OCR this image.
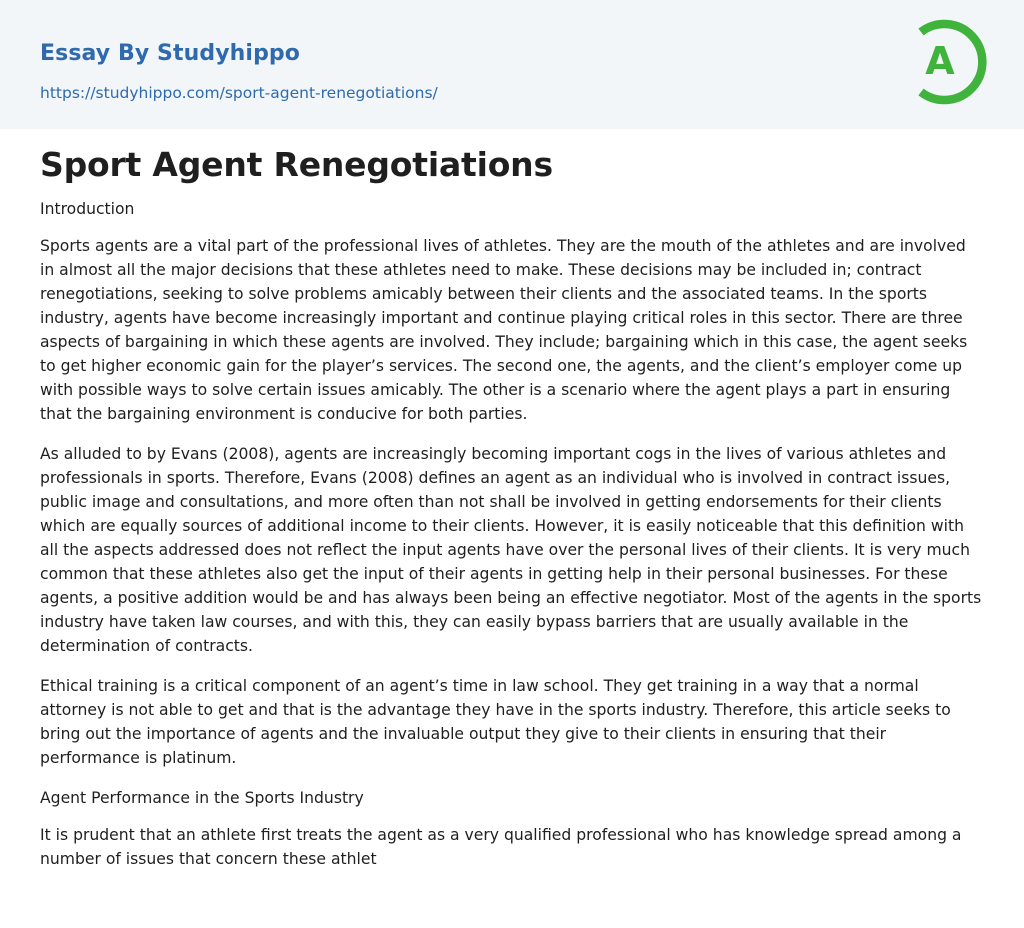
Essay By Studyhippo
https://studyhippo.com/sport-agent-renegotiations/
A
Sport Agent Renegotiations

Introduction

Sports agents are a vital part of the professional lives of athletes. They are the mouth of the athletes and are involved in almost all the major decisions that these athletes need to make. These decisions may be included in; contract renegotiations, seeking to solve problems amicably between their clients and the associated teams. In the sports industry, agents have become increasingly important and continue playing critical roles in this sector. There are three aspects of bargaining in which these agents are involved. They include; bargaining which in this case, the agent seeks to get higher economic gain for the player’s services. The second one, the agents, and the client’s employer come up with possible ways to solve certain issues amicably. The other is a scenario where the agent plays a part in ensuring that the bargaining environment is conducive for both parties.

As alluded to by Evans (2008), agents are increasingly becoming important cogs in the lives of various athletes and professionals in sports. Therefore, Evans (2008) defines an agent as an individual who is involved in contract issues, public image and consultations, and more often than not shall be involved in getting endorsements for their clients which are equally sources of additional income to their clients. However, it is easily noticeable that this definition with all the aspects addressed does not reflect the input agents have over the personal lives of their clients. It is very much common that these athletes also get the input of their agents in getting help in their personal businesses. For these agents, a positive addition would be and has always been being an effective negotiator. Most of the agents in the sports industry have taken law courses, and with this, they can easily bypass barriers that are usually available in the determination of contracts.

Ethical training is a critical component of an agent’s time in law school. They get training in a way that a normal attorney is not able to get and that is the advantage they have in the sports industry. Therefore, this article seeks to bring out the importance of agents and the invaluable output they give to their clients in ensuring that their performance is platinum.

Agent Performance in the Sports Industry

It is prudent that an athlete first treats the agent as a very qualified professional who has knowledge spread among a number of issues that concern these athlet
